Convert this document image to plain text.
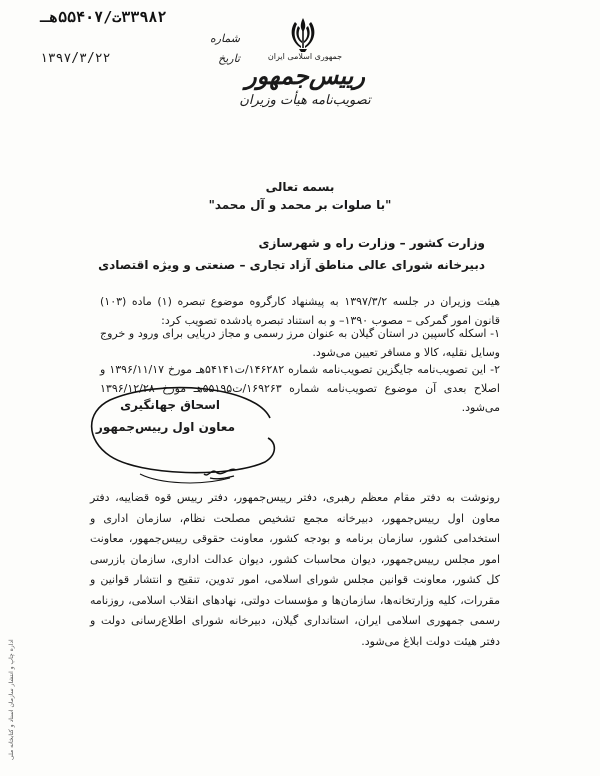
٣٣٩٨٢ت/۵۵۴۰۷هـ
شماره
تاریخ
۱۳۹۷/۳/۲۲	جمهوری اسلامی ایران
رییس‌جمهور
تصویب‌نامه هیأت وزیران
بسمه تعالی
"با صلوات بر محمد و آل محمد"
وزارت کشور – وزارت راه و شهرسازی
دبیرخانه شورای عالی مناطق آزاد تجاری – صنعتی و ویژه اقتصادی
هیئت وزیران در جلسه ۱۳۹۷/۳/۲ به پیشنهاد کارگروه موضوع تبصره (۱) ماده (۱۰۳) قانون امور گمرکی – مصوب ۱۳۹۰– و به استناد تبصره یادشده تصویب کرد:
۱- اسکله کاسپین در استان گیلان به عنوان مرز رسمی و مجاز دریایی برای ورود و خروج وسایل نقلیه، کالا و مسافر تعیین می‌شود.
۲- این تصویب‌نامه جایگزین تصویب‌نامه شماره ۱۴۶۲۸۲/ت۵۴۱۴۱هـ مورخ ۱۳۹۶/۱۱/۱۷ و اصلاح بعدی آن موضوع تصویب‌نامه شماره ۱۶۹۲۶۳/ت۵۵۱۹۵هـ مورخ ۱۳۹۶/۱۲/۲۸ می‌شود.
اسحاق جهانگیری
معاون اول رییس‌جمهور
رونوشت به دفتر مقام معظم رهبری، دفتر رییس‌جمهور، دفتر رییس قوه قضاییه، دفتر معاون اول رییس‌جمهور، دبیرخانه مجمع تشخیص مصلحت نظام، سازمان اداری و استخدامی کشور، سازمان برنامه و بودجه کشور، معاونت حقوقی رییس‌جمهور، معاونت امور مجلس رییس‌جمهور، دیوان محاسبات کشور، دیوان عدالت اداری، سازمان بازرسی کل کشور، معاونت قوانین مجلس شورای اسلامی، امور تدوین، تنقیح و انتشار قوانین و مقررات، کلیه وزارتخانه‌ها، سازمان‌ها و مؤسسات دولتی، نهادهای انقلاب اسلامی، روزنامه رسمی جمهوری اسلامی ایران، استانداری گیلان، دبیرخانه شورای اطلاع‌رسانی دولت و دفتر هیئت دولت ابلاغ می‌شود.
اداره چاپ و انتشار سازمان اسناد و کتابخانه ملی
